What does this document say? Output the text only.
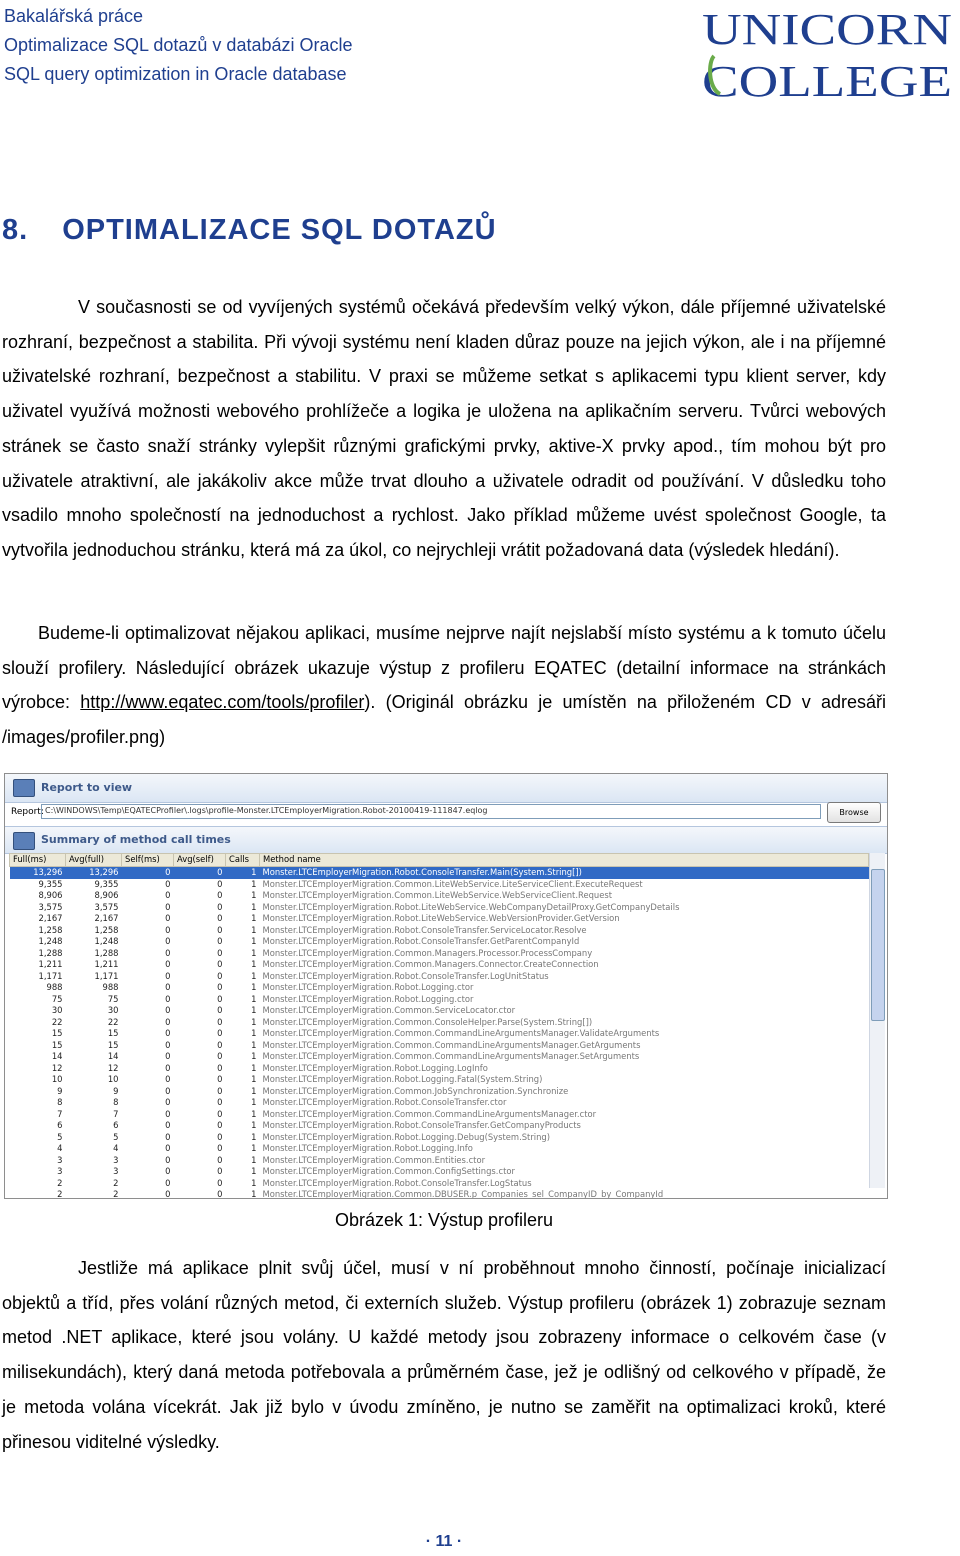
Bakalářská práce
Optimalizace SQL dotazů v databázi Oracle
SQL query optimization in Oracle database
UNICORN
COLLEGE
8. OPTIMALIZACE SQL DOTAZŮ
V současnosti se od vyvíjených systémů očekává především velký výkon, dále příjemné uživatelské rozhraní, bezpečnost a stabilita. Při vývoji systému není kladen důraz pouze na jejich výkon, ale i na příjemné uživatelské rozhraní, bezpečnost a stabilitu. V praxi se můžeme setkat s aplikacemi typu klient server, kdy uživatel využívá možnosti webového prohlížeče a logika je uložena na aplikačním serveru. Tvůrci webových stránek se často snaží stránky vylepšit různými grafickými prvky, aktive-X prvky apod., tím mohou být pro uživatele atraktivní, ale jakákoliv akce může trvat dlouho a uživatele odradit od používání. V důsledku toho vsadilo mnoho společností na jednoduchost a rychlost. Jako příklad můžeme uvést společnost Google, ta vytvořila jednoduchou stránku, která má za úkol, co nejrychleji vrátit požadovaná data (výsledek hledání).
Budeme-li optimalizovat nějakou aplikaci, musíme nejprve najít nejslabší místo systému a k tomuto účelu slouží profilery. Následující obrázek ukazuje výstup z profileru EQATEC (detailní informace na stránkách výrobce: http://www.eqatec.com/tools/profiler). (Originál obrázku je umístěn na přiloženém CD v adresáři /images/profiler.png)
Report to view
Report: C:\WINDOWS\Temp\EQATECProfiler\.logs\profile-Monster.LTCEmployerMigration.Robot-20100419-111847.eqlog	Browse
Summary of method call times
Full(ms)	Avg(full)	Self(ms)	Avg(self)	Calls	Method name
13,296	13,296	0	0	1	Monster.LTCEmployerMigration.Robot.ConsoleTransfer.Main(System.String[])
9,355	9,355	0	0	1	Monster.LTCEmployerMigration.Common.LiteWebService.LiteServiceClient.ExecuteRequest
8,906	8,906	0	0	1	Monster.LTCEmployerMigration.Common.LiteWebService.WebServiceClient.Request
3,575	3,575	0	0	1	Monster.LTCEmployerMigration.Robot.LiteWebService.WebCompanyDetailProxy.GetCompanyDetails
2,167	2,167	0	0	1	Monster.LTCEmployerMigration.Robot.LiteWebService.WebVersionProvider.GetVersion
1,258	1,258	0	0	1	Monster.LTCEmployerMigration.Robot.ConsoleTransfer.ServiceLocator.Resolve
1,248	1,248	0	0	1	Monster.LTCEmployerMigration.Robot.ConsoleTransfer.GetParentCompanyId
1,288	1,288	0	0	1	Monster.LTCEmployerMigration.Common.Managers.Processor.ProcessCompany
1,211	1,211	0	0	1	Monster.LTCEmployerMigration.Common.Managers.Connector.CreateConnection
1,171	1,171	0	0	1	Monster.LTCEmployerMigration.Robot.ConsoleTransfer.LogUnitStatus
988	988	0	0	1	Monster.LTCEmployerMigration.Robot.Logging.ctor
75	75	0	0	1	Monster.LTCEmployerMigration.Robot.Logging.ctor
30	30	0	0	1	Monster.LTCEmployerMigration.Common.ServiceLocator.ctor
22	22	0	0	1	Monster.LTCEmployerMigration.Common.ConsoleHelper.Parse(System.String[])
15	15	0	0	1	Monster.LTCEmployerMigration.Common.CommandLineArgumentsManager.ValidateArguments
15	15	0	0	1	Monster.LTCEmployerMigration.Common.CommandLineArgumentsManager.GetArguments
14	14	0	0	1	Monster.LTCEmployerMigration.Common.CommandLineArgumentsManager.SetArguments
12	12	0	0	1	Monster.LTCEmployerMigration.Robot.Logging.LogInfo
10	10	0	0	1	Monster.LTCEmployerMigration.Robot.Logging.Fatal(System.String)
9	9	0	0	1	Monster.LTCEmployerMigration.Common.JobSynchronization.Synchronize
8	8	0	0	1	Monster.LTCEmployerMigration.Robot.ConsoleTransfer.ctor
7	7	0	0	1	Monster.LTCEmployerMigration.Common.CommandLineArgumentsManager.ctor
6	6	0	0	1	Monster.LTCEmployerMigration.Robot.ConsoleTransfer.GetCompanyProducts
5	5	0	0	1	Monster.LTCEmployerMigration.Robot.Logging.Debug(System.String)
4	4	0	0	1	Monster.LTCEmployerMigration.Robot.Logging.Info
3	3	0	0	1	Monster.LTCEmployerMigration.Common.Entities.ctor
3	3	0	0	1	Monster.LTCEmployerMigration.Common.ConfigSettings.ctor
2	2	0	0	1	Monster.LTCEmployerMigration.Robot.ConsoleTransfer.LogStatus
2	2	0	0	1	Monster.LTCEmployerMigration.Common.DBUSER.p_Companies_sel_CompanyID_by_CompanyId

Obrázek 1: Výstup profileru
Jestliže má aplikace plnit svůj účel, musí v ní proběhnout mnoho činností, počínaje inicializací objektů a tříd, přes volání různých metod, či externích služeb. Výstup profileru (obrázek 1) zobrazuje seznam metod .NET aplikace, které jsou volány. U každé metody jsou zobrazeny informace o celkovém čase (v milisekundách), který daná metoda potřebovala a průměrném čase, jež je odlišný od celkového v případě, že je metoda volána vícekrát. Jak již bylo v úvodu zmíněno, je nutno se zaměřit na optimalizaci kroků, které přinesou viditelné výsledky.
· 11 ·
